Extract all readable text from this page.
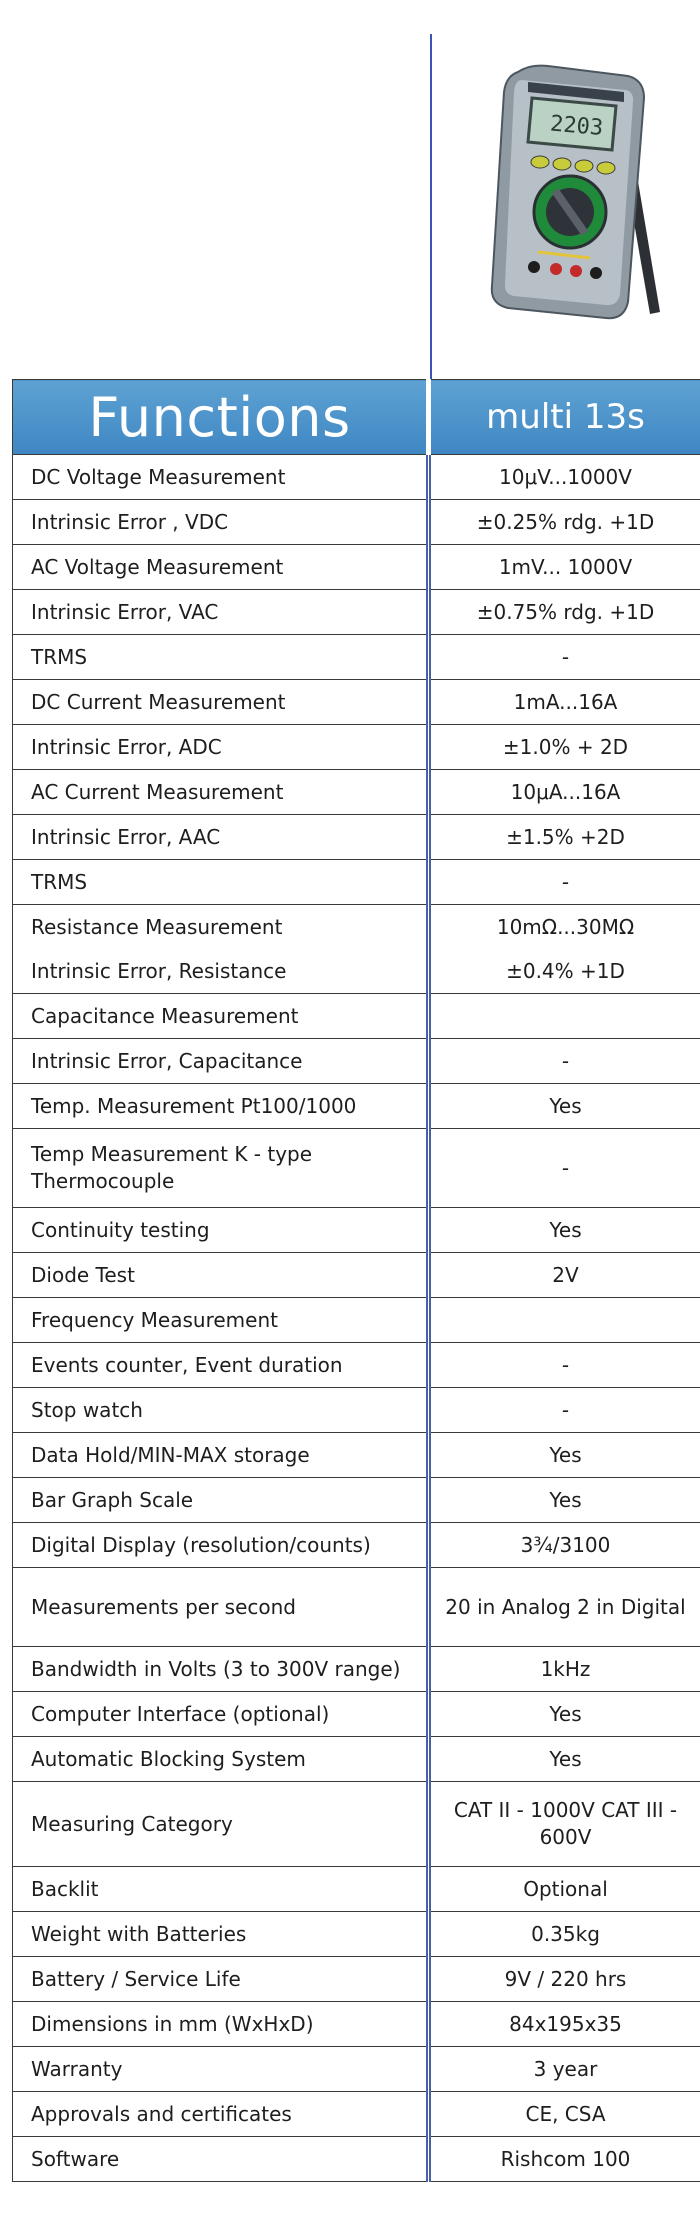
2203
Functions	multi 13s
DC Voltage Measurement	10μV...1000V
Intrinsic Error , VDC	±0.25% rdg. +1D
AC Voltage Measurement	1mV... 1000V
Intrinsic Error, VAC	±0.75% rdg. +1D
TRMS	-
DC Current Measurement	1mA...16A
Intrinsic Error, ADC	±1.0% + 2D
AC Current Measurement	10μA...16A
Intrinsic Error, AAC	±1.5% +2D
TRMS	-
Resistance Measurement	10mΩ...30MΩ
Intrinsic Error, Resistance	±0.4% +1D
Capacitance Measurement	
Intrinsic Error, Capacitance	-
Temp. Measurement Pt100/1000	Yes
Temp Measurement K - type Thermocouple	-
Continuity testing	Yes
Diode Test	2V
Frequency Measurement	
Events counter, Event duration	-
Stop watch	-
Data Hold/MIN-MAX storage	Yes
Bar Graph Scale	Yes
Digital Display (resolution/counts)	3¾/3100
Measurements per second	20 in Analog 2 in Digital
Bandwidth in Volts (3 to 300V range)	1kHz
Computer Interface (optional)	Yes
Automatic Blocking System	Yes
Measuring Category	CAT II - 1000V CAT III - 600V
Backlit	Optional
Weight with Batteries	0.35kg
Battery / Service Life	9V / 220 hrs
Dimensions in mm (WxHxD)	84x195x35
Warranty	3 year
Approvals and certificates	CE, CSA
Software	Rishcom 100
